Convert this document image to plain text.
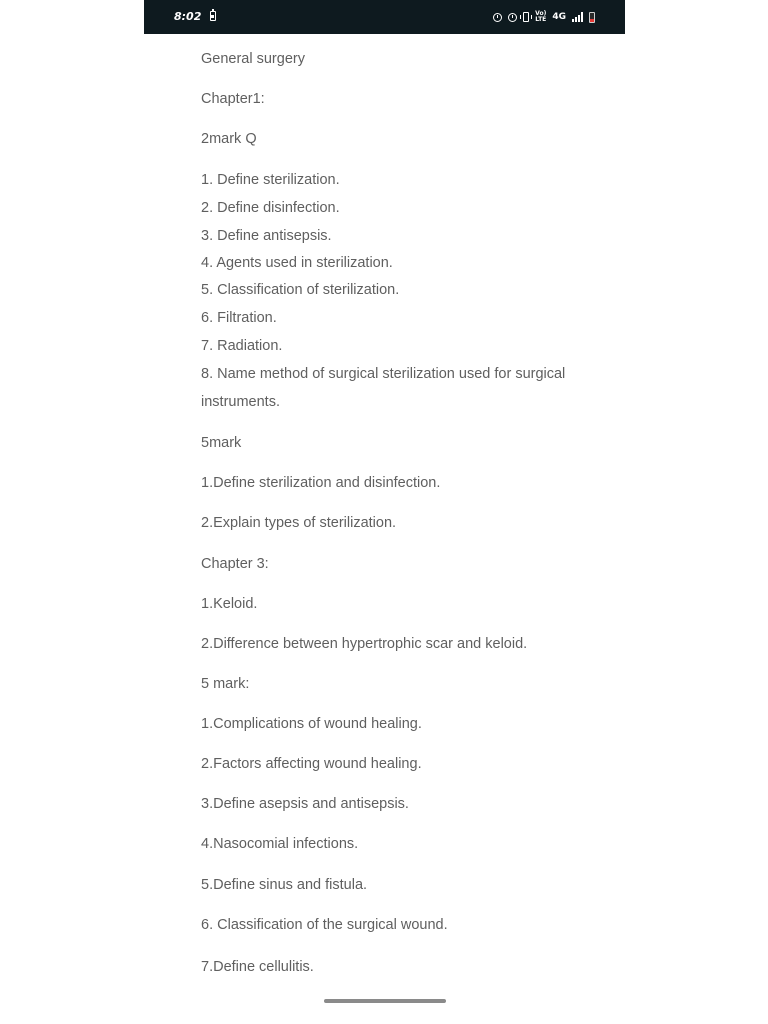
8:02	Vo)
LTE 4G
General surgery
Chapter1:
2mark Q
1. Define sterilization.
2. Define disinfection.
3. Define antisepsis.
4. Agents used in sterilization.
5. Classification of sterilization.
6. Filtration.
7. Radiation.
8. Name method of surgical sterilization used for surgical instruments.
5mark
1.Define sterilization and disinfection.
2.Explain types of sterilization.
Chapter 3:
1.Keloid.
2.Difference between hypertrophic scar and keloid.
5 mark:
1.Complications of wound healing.
2.Factors affecting wound healing.
3.Define asepsis and antisepsis.
4.Nasocomial infections.
5.Define sinus and fistula.
6. Classification of the surgical wound.
7.Define cellulitis.
